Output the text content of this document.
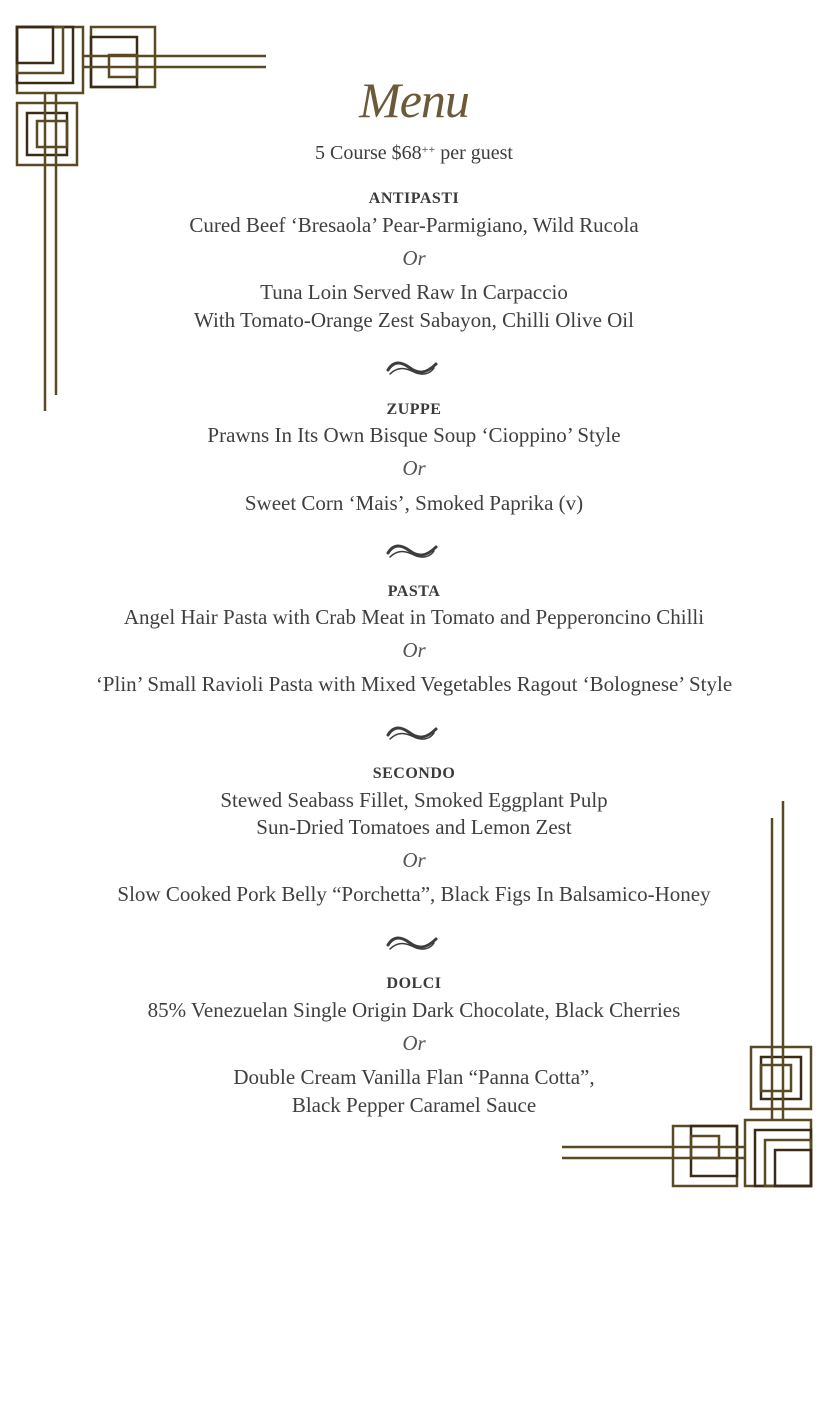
Menu
5 Course $68++ per guest
ANTIPASTI
Cured Beef ‘Bresaola’ Pear-Parmigiano, Wild Rucola
Or
Tuna Loin Served Raw In Carpaccio
With Tomato-Orange Zest Sabayon, Chilli Olive Oil
ZUPPE
Prawns In Its Own Bisque Soup ‘Cioppino’ Style
Or
Sweet Corn ‘Mais’, Smoked Paprika (v)
PASTA
Angel Hair Pasta with Crab Meat in Tomato and Pepperoncino Chilli
Or
‘Plin’ Small Ravioli Pasta with Mixed Vegetables Ragout ‘Bolognese’ Style
SECONDO
Stewed Seabass Fillet, Smoked Eggplant Pulp
Sun-Dried Tomatoes and Lemon Zest
Or
Slow Cooked Pork Belly “Porchetta”, Black Figs In Balsamico-Honey
DOLCI
85% Venezuelan Single Origin Dark Chocolate, Black Cherries
Or
Double Cream Vanilla Flan “Panna Cotta”,
Black Pepper Caramel Sauce
